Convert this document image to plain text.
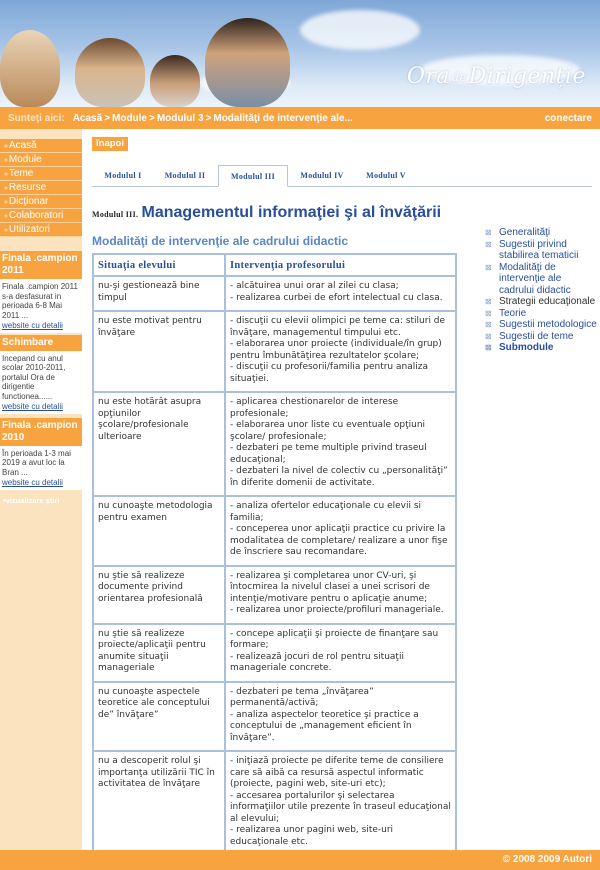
Ora deDirigenție
Sunteţi aici: Acasă > Module > Modulul 3 > Modalităţi de intervenţie ale...	conectare
»Acasă
»Module
»Teme
»Resurse
»Dicţionar
»Colaboratori
»Utilizatori
Finala .campion 2011
Finala .campion 2011 s-a desfasurat in perioada 6-8 Mai 2011 ...
website cu detalii
Schimbare
Incepand cu anul scolar 2010-2011, portalul Ora de dirigentie functionea......
website cu detalii
Finala .campion 2010
În perioada 1-3 mai 2019 a avut loc la Bran ...
website cu detalii
•vizualizare ştiri
înapoi
Modulul I	Modulul II	Modulul III	Modulul IV	Modulul V
Modulul III. Managementul informaţiei şi al învăţării
Modalităţi de intervenţie ale cadrului didactic
Situaţia elevului	Intervenţia profesorului
nu-şi gestionează bine timpul	- alcătuirea unui orar al zilei cu clasa;
- realizarea curbei de efort intelectual cu clasa.
nu este motivat pentru învăţare	- discuţii cu elevii olimpici pe teme ca: stiluri de învăţare, managementul timpului etc.
- elaborarea unor proiecte (individuale/în grup) pentru îmbunătăţirea rezultatelor şcolare;
- discuţii cu profesorii/familia pentru analiza situaţiei.
nu este hotărât asupra opţiunilor şcolare/profesionale ulterioare	- aplicarea chestionarelor de interese profesionale;
- elaborarea unor liste cu eventuale opţiuni şcolare/ profesionale;
- dezbateri pe teme multiple privind traseul educaţional;
- dezbateri la nivel de colectiv cu „personalităţi” în diferite domenii de activitate.
nu cunoaşte metodologia pentru examen	- analiza ofertelor educaţionale cu elevii si familia;
- conceperea unor aplicaţii practice cu privire la modalitatea de completare/ realizare a unor fişe de înscriere sau recomandare.
nu ştie să realizeze documente privind orientarea profesională	- realizarea şi completarea unor CV-uri, şi întocmirea la nivelul clasei a unei scrisori de intenţie/motivare pentru o aplicaţie anume;
- realizarea unor proiecte/profiluri manageriale.
nu ştie să realizeze proiecte/aplicaţii pentru anumite situaţii manageriale	- concepe aplicaţii şi proiecte de finanţare sau formare;
- realizează jocuri de rol pentru situaţii manageriale concrete.
nu cunoaşte aspectele teoretice ale conceptului de” învăţare”	- dezbateri pe tema „învăţarea” permanentă/activă;
- analiza aspectelor teoretice şi practice a conceptului de „management eficient în învăţare”.
nu a descoperit rolul şi importanţa utilizării TIC în activitatea de învăţare	- iniţiază proiecte pe diferite teme de consiliere care să aibă ca resursă aspectul informatic (proiecte, pagini web, site-uri etc);
- accesarea portalurilor şi selectarea informaţiilor utile prezente în traseul educaţional al elevului;
- realizarea unor pagini web, site-uri educaţionale etc.
⊠ Generalităţi
⊠ Sugestii privind stabilirea tematicii
⊠ Modalităţi de intervenţie ale cadrului didactic
⊠ Strategii educaţionale
⊠ Teorie
⊠ Sugestii metodologice
⊠ Sugestii de teme
⊠ Submodule
© 2008 2009 Autori
